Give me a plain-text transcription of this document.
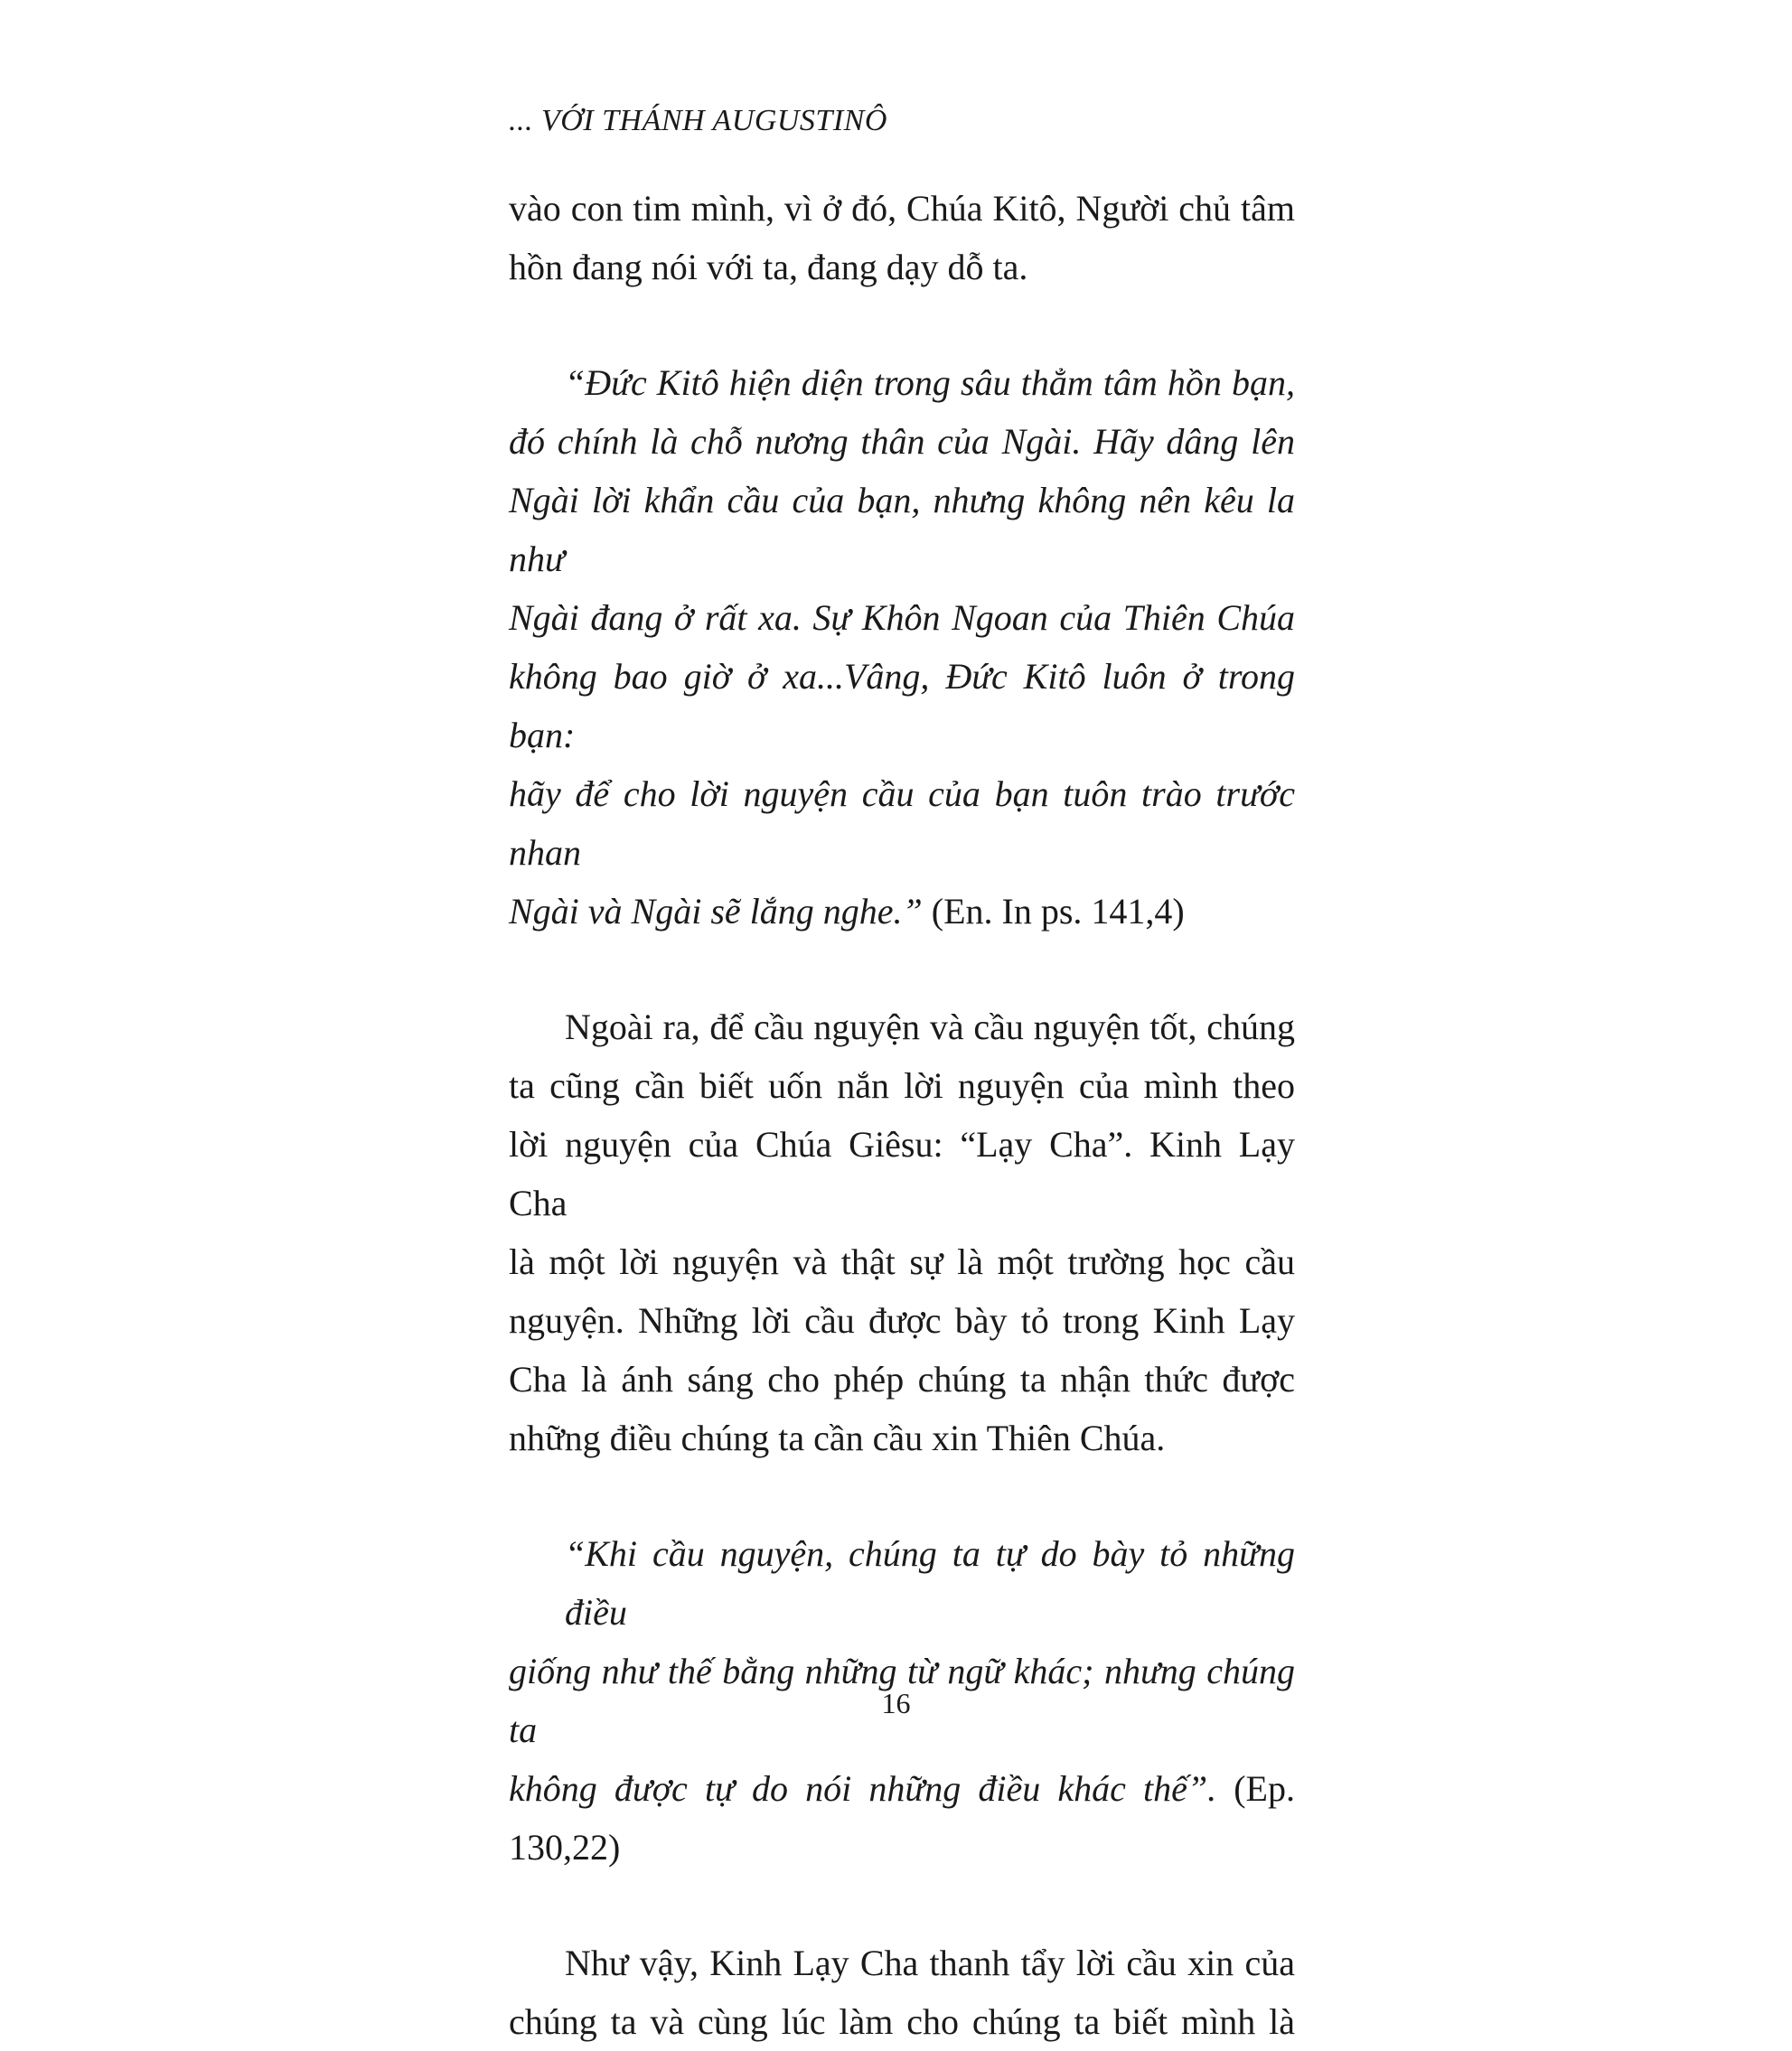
... VỚI THÁNH AUGUSTINÔ

vào con tim mình, vì ở đó, Chúa Kitô, Người chủ tâm
hồn đang nói với ta, đang dạy dỗ ta.

“Đức Kitô hiện diện trong sâu thẳm tâm hồn bạn,
đó chính là chỗ nương thân của Ngài. Hãy dâng lên
Ngài lời khẩn cầu của bạn, nhưng không nên kêu la như
Ngài đang ở rất xa. Sự Khôn Ngoan của Thiên Chúa
không bao giờ ở xa...Vâng, Đức Kitô luôn ở trong bạn:
hãy để cho lời nguyện cầu của bạn tuôn trào trước nhan
Ngài và Ngài sẽ lắng nghe.” (En. In ps. 141,4)

Ngoài ra, để cầu nguyện và cầu nguyện tốt, chúng
ta cũng cần biết uốn nắn lời nguyện của mình theo
lời nguyện của Chúa Giêsu: “Lạy Cha”. Kinh Lạy Cha
là một lời nguyện và thật sự là một trường học cầu
nguyện. Những lời cầu được bày tỏ trong Kinh Lạy
Cha là ánh sáng cho phép chúng ta nhận thức được
những điều chúng ta cần cầu xin Thiên Chúa.

“Khi cầu nguyện, chúng ta tự do bày tỏ những điều
giống như thế bằng những từ ngữ khác; nhưng chúng ta
không được tự do nói những điều khác thế”. (Ep. 130,22)

Như vậy, Kinh Lạy Cha thanh tẩy lời cầu xin của
chúng ta và cùng lúc làm cho chúng ta biết mình là

16
